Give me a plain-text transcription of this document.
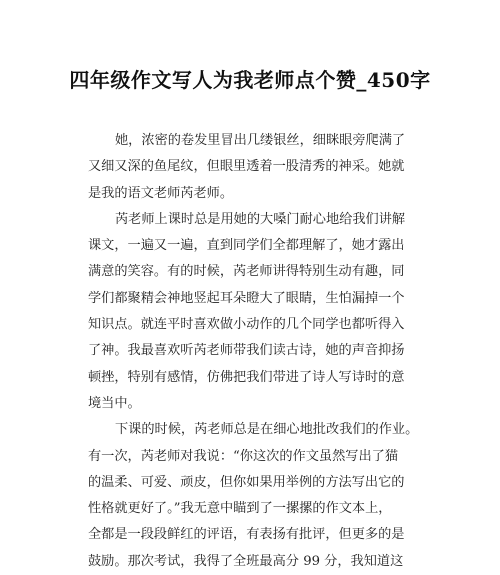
四年级作文写人为我老师点个赞_450字
她，浓密的卷发里冒出几缕银丝，细眯眼旁爬满了
又细又深的鱼尾纹，但眼里透着一股清秀的神采。她就
是我的语文老师芮老师。
芮老师上课时总是用她的大嗓门耐心地给我们讲解
课文，一遍又一遍，直到同学们全都理解了，她才露出
满意的笑容。有的时候，芮老师讲得特别生动有趣，同
学们都聚精会神地竖起耳朵瞪大了眼睛，生怕漏掉一个
知识点。就连平时喜欢做小动作的几个同学也都听得入
了神。我最喜欢听芮老师带我们读古诗，她的声音抑扬
顿挫，特别有感情，仿佛把我们带进了诗人写诗时的意
境当中。
下课的时候，芮老师总是在细心地批改我们的作业。
有一次，芮老师对我说：“你这次的作文虽然写出了猫
的温柔、可爱、顽皮，但你如果用举例的方法写出它的
性格就更好了。”我无意中瞄到了一摞摞的作文本上，
全都是一段段鲜红的评语，有表扬有批评，但更多的是
鼓励。那次考试，我得了全班最高分 99 分，我知道这
